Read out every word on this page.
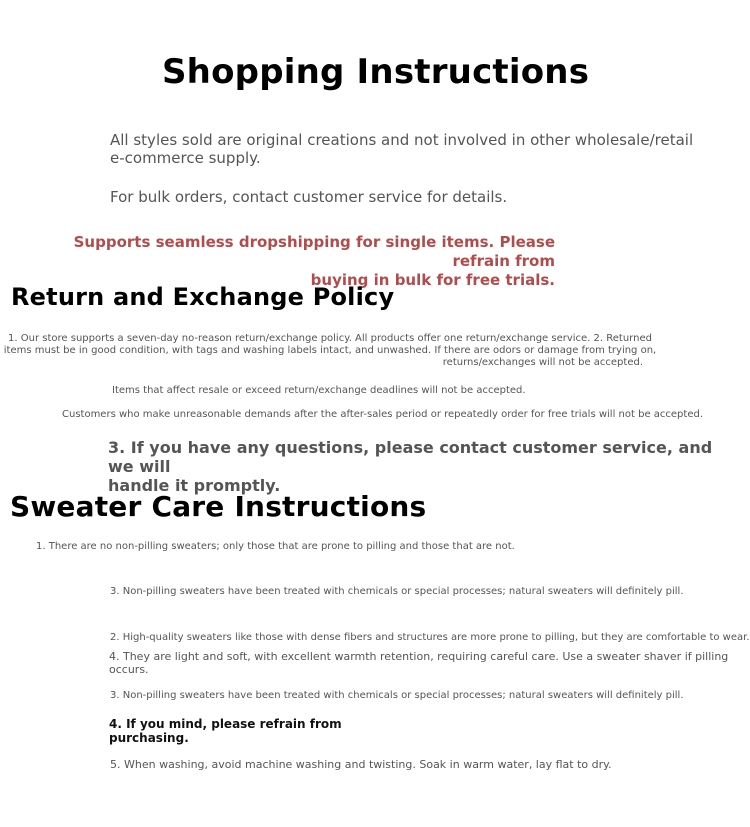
Shopping Instructions
All styles sold are original creations and not involved in other wholesale/retail
e-commerce supply.
For bulk orders, contact customer service for details.
Supports seamless dropshipping for single items. Please refrain from
buying in bulk for free trials.
Return and Exchange Policy
1. Our store supports a seven-day no-reason return/exchange policy. All products offer one return/exchange service. 2. Returned
items must be in good condition, with tags and washing labels intact, and unwashed. If there are odors or damage from trying on,
returns/exchanges will not be accepted.
Items that affect resale or exceed return/exchange deadlines will not be accepted.
Customers who make unreasonable demands after the after-sales period or repeatedly order for free trials will not be accepted.
3. If you have any questions, please contact customer service, and we will
handle it promptly.
Sweater Care Instructions
1. There are no non-pilling sweaters; only those that are prone to pilling and those that are not.
3. Non-pilling sweaters have been treated with chemicals or special processes; natural sweaters will definitely pill.
2. High-quality sweaters like those with dense fibers and structures are more prone to pilling, but they are comfortable to wear.
4. They are light and soft, with excellent warmth retention, requiring careful care. Use a sweater shaver if pilling
occurs.
3. Non-pilling sweaters have been treated with chemicals or special processes; natural sweaters will definitely pill.
4. If you mind, please refrain from
purchasing.
5. When washing, avoid machine washing and twisting. Soak in warm water, lay flat to dry.
